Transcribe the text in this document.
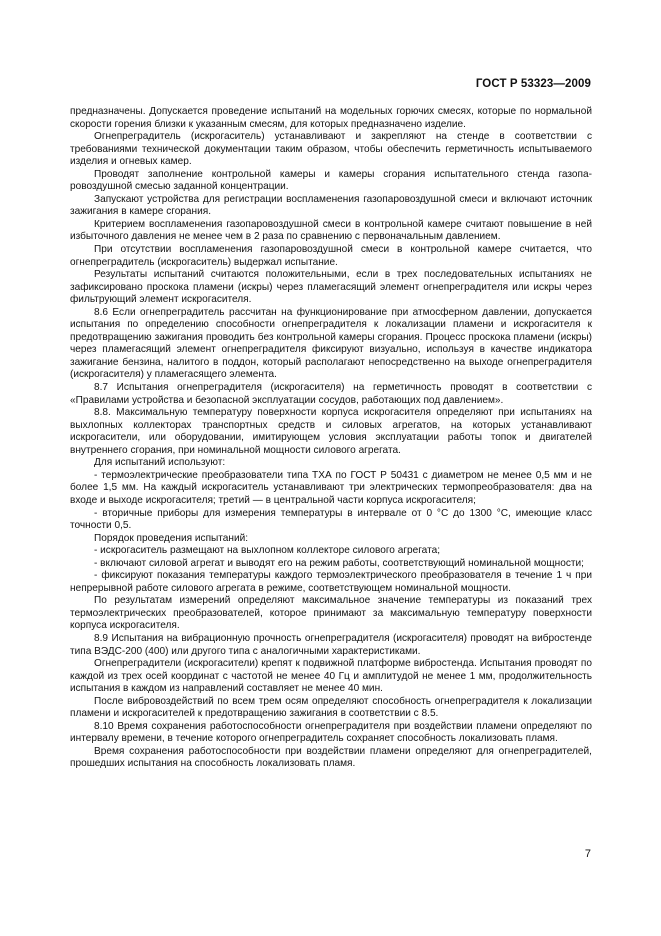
ГОСТ Р 53323—2009

предназначены. Допускается проведение испытаний на модельных горючих смесях, которые по нормальной скорости горения близки к указанным смесям, для которых предназначено изделие.

Огнепреградитель (искрогаситель) устанавливают и закрепляют на стенде в соответствии с требованиями технической документации таким образом, чтобы обеспечить герметичность испытываемого изделия и огневых камер.

Проводят заполнение контрольной камеры и камеры сгорания испытательного стенда газопаровоздушной смесью заданной концентрации.

Запускают устройства для регистрации воспламенения газопаровоздушной смеси и включают источник зажигания в камере сгорания.

Критерием воспламенения газопаровоздушной смеси в контрольной камере считают повышение в ней избыточного давления не менее чем в 2 раза по сравнению с первоначальным давлением.

При отсутствии воспламенения газопаровоздушной смеси в контрольной камере считается, что огнепреградитель (искрогаситель) выдержал испытание.

Результаты испытаний считаются положительными, если в трех последовательных испытаниях не зафиксировано проскока пламени (искры) через пламегасящий элемент огнепреградителя или искры через фильтрующий элемент искрогасителя.

8.6 Если огнепреградитель рассчитан на функционирование при атмосферном давлении, допускается испытания по определению способности огнепреградителя к локализации пламени и искрогасителя к предотвращению зажигания проводить без контрольной камеры сгорания. Процесс проскока пламени (искры) через пламегасящий элемент огнепреградителя фиксируют визуально, используя в качестве индикатора зажигание бензина, налитого в поддон, который располагают непосредственно на выходе огнепреградителя (искрогасителя) у пламегасящего элемента.

8.7 Испытания огнепреградителя (искрогасителя) на герметичность проводят в соответствии с «Правилами устройства и безопасной эксплуатации сосудов, работающих под давлением».

8.8. Максимальную температуру поверхности корпуса искрогасителя определяют при испытаниях на выхлопных коллекторах транспортных средств и силовых агрегатов, на которых устанавливают искрогасители, или оборудовании, имитирующем условия эксплуатации работы топок и двигателей внутреннего сгорания, при номинальной мощности силового агрегата.

Для испытаний используют:

- термоэлектрические преобразователи типа ТХА по ГОСТ Р 50431 с диаметром не менее 0,5 мм и не более 1,5 мм. На каждый искрогаситель устанавливают три электрических термопреобразователя: два на входе и выходе искрогасителя; третий — в центральной части корпуса искрогасителя;

- вторичные приборы для измерения температуры в интервале от 0 °С до 1300 °С, имеющие класс точности 0,5.

Порядок проведения испытаний:

- искрогаситель размещают на выхлопном коллекторе силового агрегата;

- включают силовой агрегат и выводят его на режим работы, соответствующий номинальной мощности;

- фиксируют показания температуры каждого термоэлектрического преобразователя в течение 1 ч при непрерывной работе силового агрегата в режиме, соответствующем номинальной мощности.

По результатам измерений определяют максимальное значение температуры из показаний трех термоэлектрических преобразователей, которое принимают за максимальную температуру поверхности корпуса искрогасителя.

8.9 Испытания на вибрационную прочность огнепреградителя (искрогасителя) проводят на вибростенде типа ВЭДС-200 (400) или другого типа с аналогичными характеристиками.

Огнепреградители (искрогасители) крепят к подвижной платформе вибростенда. Испытания проводят по каждой из трех осей координат с частотой не менее 40 Гц и амплитудой не менее 1 мм, продолжительность испытания в каждом из направлений составляет не менее 40 мин.

После вибровоздействий по всем трем осям определяют способность огнепреградителя к локализации пламени и искрогасителей к предотвращению зажигания в соответствии с 8.5.

8.10 Время сохранения работоспособности огнепреградителя при воздействии пламени определяют по интервалу времени, в течение которого огнепреградитель сохраняет способность локализовать пламя.

Время сохранения работоспособности при воздействии пламени определяют для огнепреградителей, прошедших испытания на способность локализовать пламя.

7
